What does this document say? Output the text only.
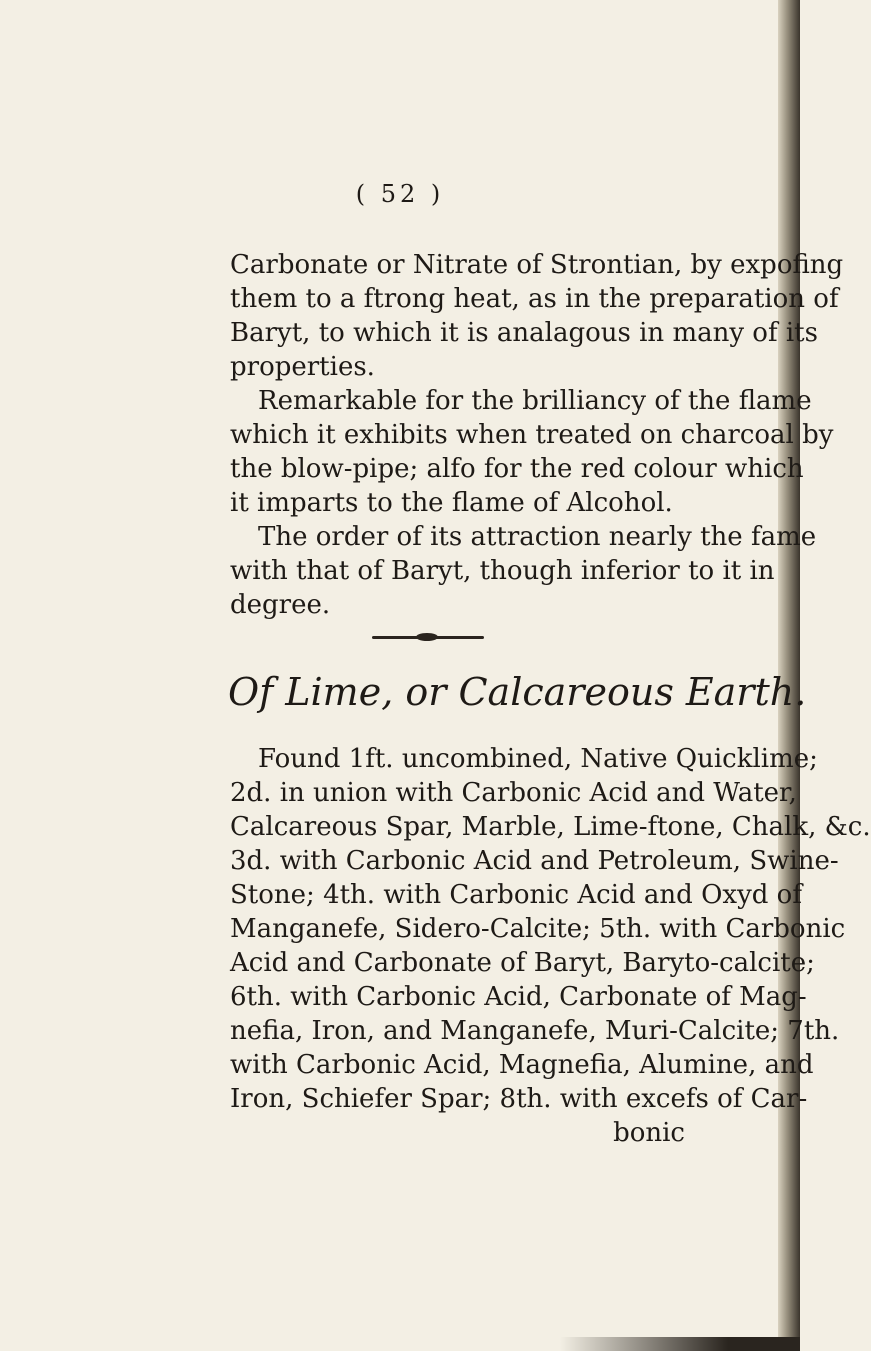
( 52 )
Carbonate or Nitrate of Strontian, by expofing
them to a ftrong heat, as in the preparation of
Baryt, to which it is analagous in many of its
properties.
Remarkable for the brilliancy of the flame
which it exhibits when treated on charcoal by
the blow-pipe; alfo for the red colour which
it imparts to the flame of Alcohol.
The order of its attraction nearly the fame
with that of Baryt, though inferior to it in
degree.
Of Lime, or Calcareous Earth.
Found 1ft. uncombined, Native Quicklime;
2d. in union with Carbonic Acid and Water,
Calcareous Spar, Marble, Lime-ftone, Chalk, &c.
3d. with Carbonic Acid and Petroleum, Swine-
Stone; 4th. with Carbonic Acid and Oxyd of
Manganefe, Sidero-Calcite; 5th. with Carbonic
Acid and Carbonate of Baryt, Baryto-calcite;
6th. with Carbonic Acid, Carbonate of Mag-
nefia, Iron, and Manganefe, Muri-Calcite; 7th.
with Carbonic Acid, Magnefia, Alumine, and
Iron, Schiefer Spar; 8th. with excefs of Car-
bonic
